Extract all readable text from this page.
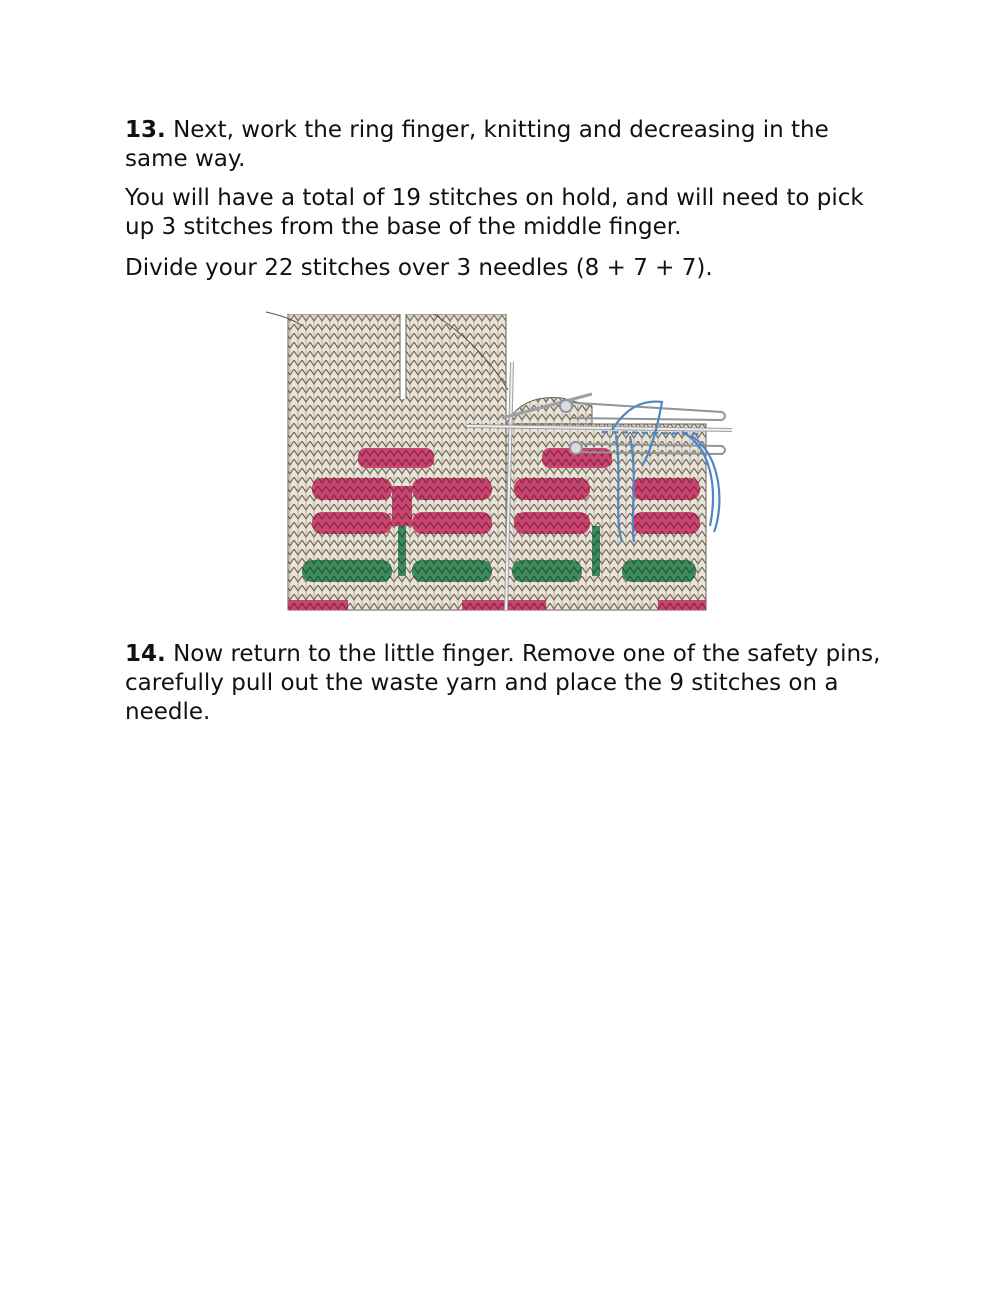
13. Next, work the ring finger, knitting and decreasing in the same way.

You will have a total of 19 stitches on hold, and will need to pick up 3 stitches from the base of the middle finger.

Divide your 22 stitches over 3 needles (8 + 7 + 7).

14. Now return to the little finger. Remove one of the safety pins, carefully pull out the waste yarn and place the 9 stitches on a needle.
